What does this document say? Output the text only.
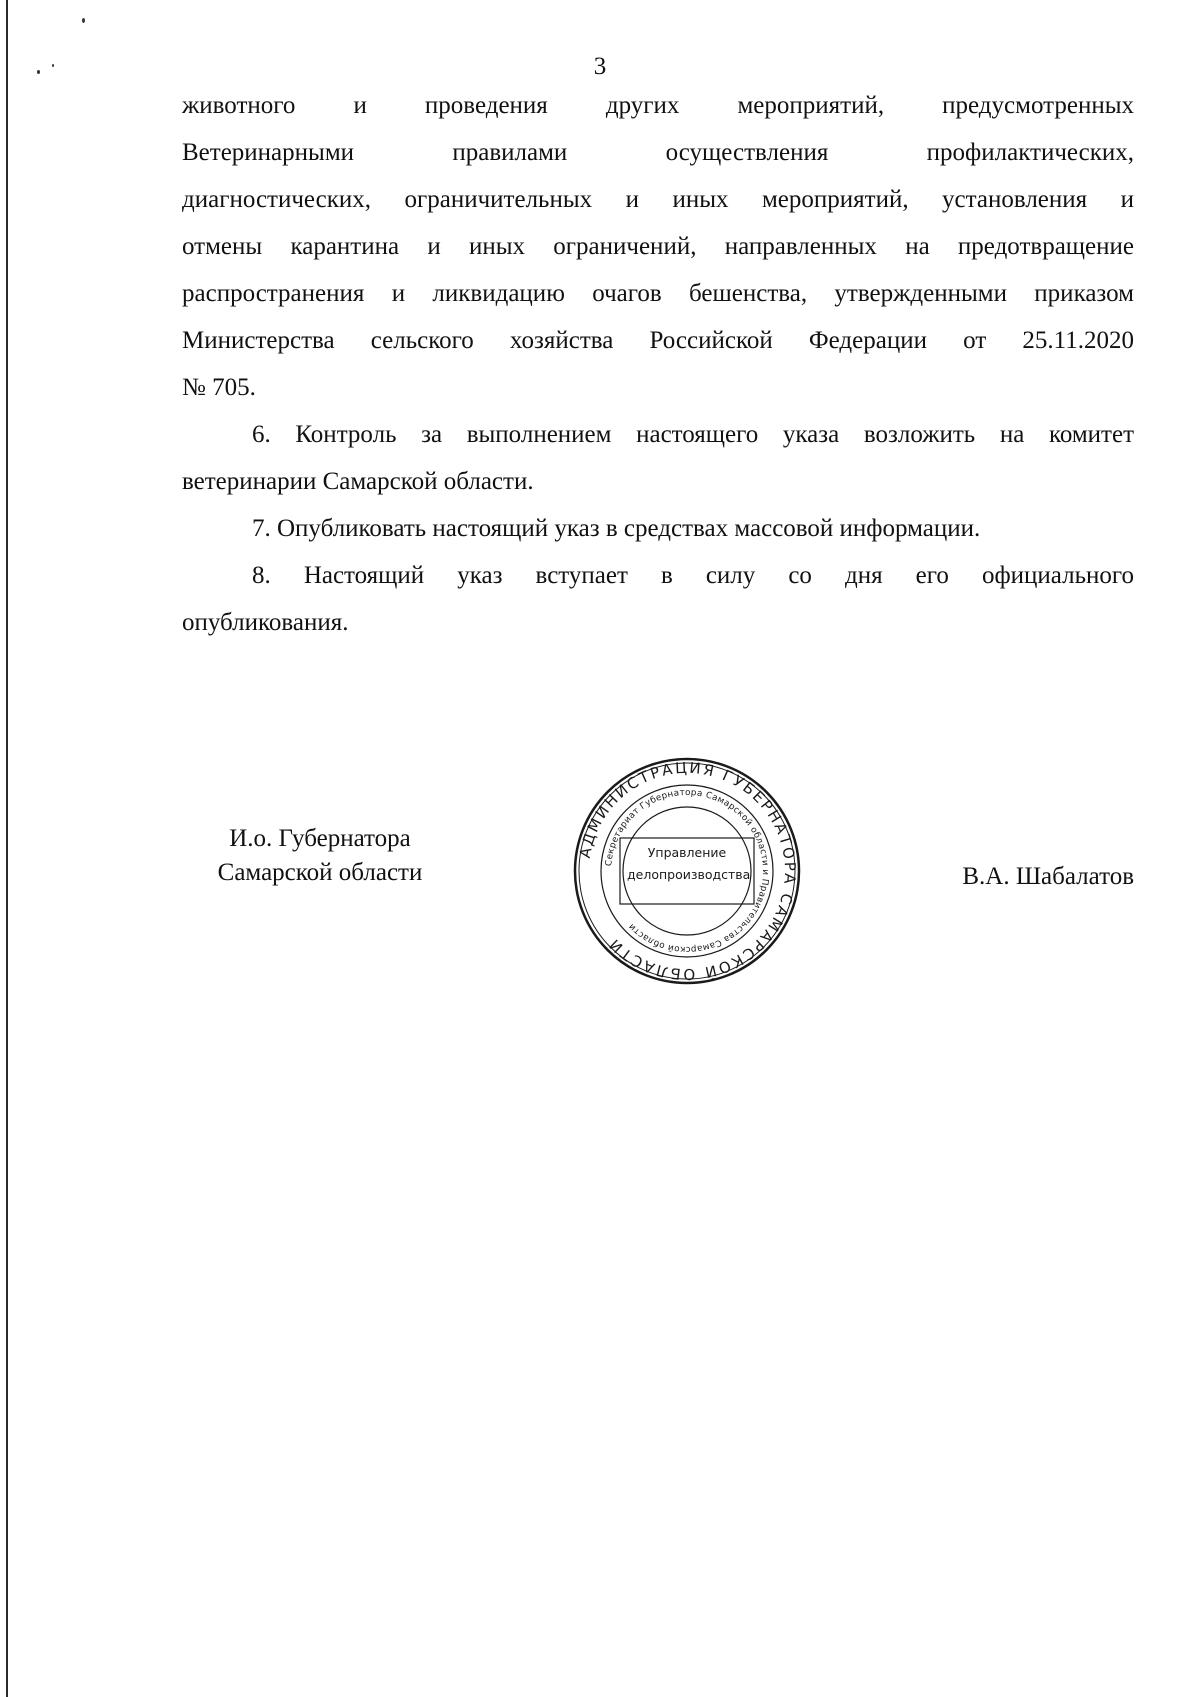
3
животного и проведения других мероприятий, предусмотренных
Ветеринарными правилами осуществления профилактических,
диагностических, ограничительных и иных мероприятий, установления и
отмены карантина и иных ограничений, направленных на предотвращение
распространения и ликвидацию очагов бешенства, утвержденными приказом
Министерства сельского хозяйства Российской Федерации от 25.11.2020
№ 705.
6. Контроль за выполнением настоящего указа возложить на комитет
ветеринарии Самарской области.
7. Опубликовать настоящий указ в средствах массовой информации.
8. Настоящий указ вступает в силу со дня его официального
опубликования.
И.о. Губернатора
Самарской области
АДМИНИСТРАЦИЯ ГУБЕРНАТОРА САМАРСКОЙ ОБЛАСТИ
Секретариат Губернатора Самарской области и Правительства Самарской области
Управление
делопроизводства	В.А. Шабалатов
